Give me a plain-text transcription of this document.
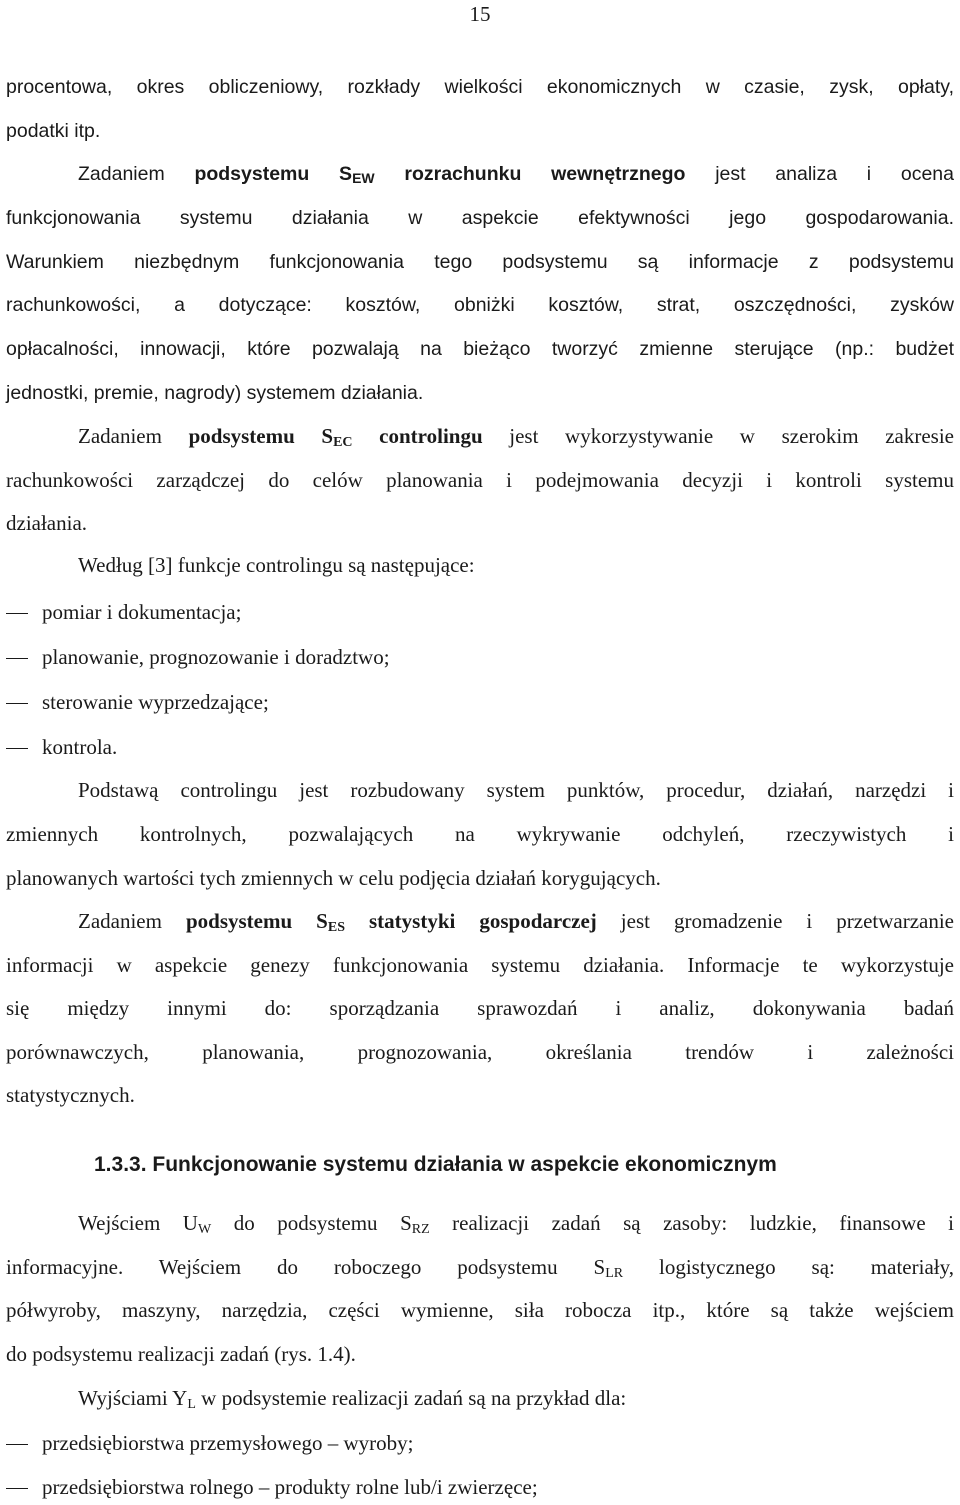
15
procentowa, okres obliczeniowy, rozkłady wielkości ekonomicznych w czasie, zysk, opłaty,
podatki itp.
Zadaniem podsystemu $S_{EW}$ rozrachunku wewnętrznego jest analiza i ocena
funkcjonowania systemu działania w aspekcie efektywności jego gospodarowania.
Warunkiem niezbędnym funkcjonowania tego podsystemu są informacje z podsystemu
rachunkowości, a dotyczące: kosztów, obniżki kosztów, strat, oszczędności, zysków
opłacalności, innowacji, które pozwalają na bieżąco tworzyć zmienne sterujące (np.: budżet
jednostki, premie, nagrody) systemem działania.
Zadaniem podsystemu $S_{EC}$ controlingu jest wykorzystywanie w szerokim zakresie
rachunkowości zarządczej do celów planowania i podejmowania decyzji i kontroli systemu
działania.
Według [3] funkcje controlingu są następujące:
pomiar i dokumentacja;
planowanie, prognozowanie i doradztwo;
sterowanie wyprzedzające;
kontrola.
Podstawą controlingu jest rozbudowany system punktów, procedur, działań, narzędzi i
zmiennych kontrolnych, pozwalających na wykrywanie odchyleń, rzeczywistych i
planowanych wartości tych zmiennych w celu podjęcia działań korygujących.
Zadaniem podsystemu $S_{ES}$ statystyki gospodarczej jest gromadzenie i przetwarzanie
informacji w aspekcie genezy funkcjonowania systemu działania. Informacje te wykorzystuje
się między innymi do: sporządzania sprawozdań i analiz, dokonywania badań
porównawczych, planowania, prognozowania, określania trendów i zależności
statystycznych.
1.3.3. Funkcjonowanie systemu działania w aspekcie ekonomicznym
Wejściem $U_W$ do podsystemu $S_{RZ}$ realizacji zadań są zasoby: ludzkie, finansowe i
informacyjne. Wejściem do roboczego podsystemu $S_{LR}$ logistycznego są: materiały,
półwyroby, maszyny, narzędzia, części wymienne, siła robocza itp., które są także wejściem
do podsystemu realizacji zadań (rys. 1.4).
Wyjściami $Y_L$ w podsystemie realizacji zadań są na przykład dla:
przedsiębiorstwa przemysłowego – wyroby;
przedsiębiorstwa rolnego – produkty rolne lub/i zwierzęce;
